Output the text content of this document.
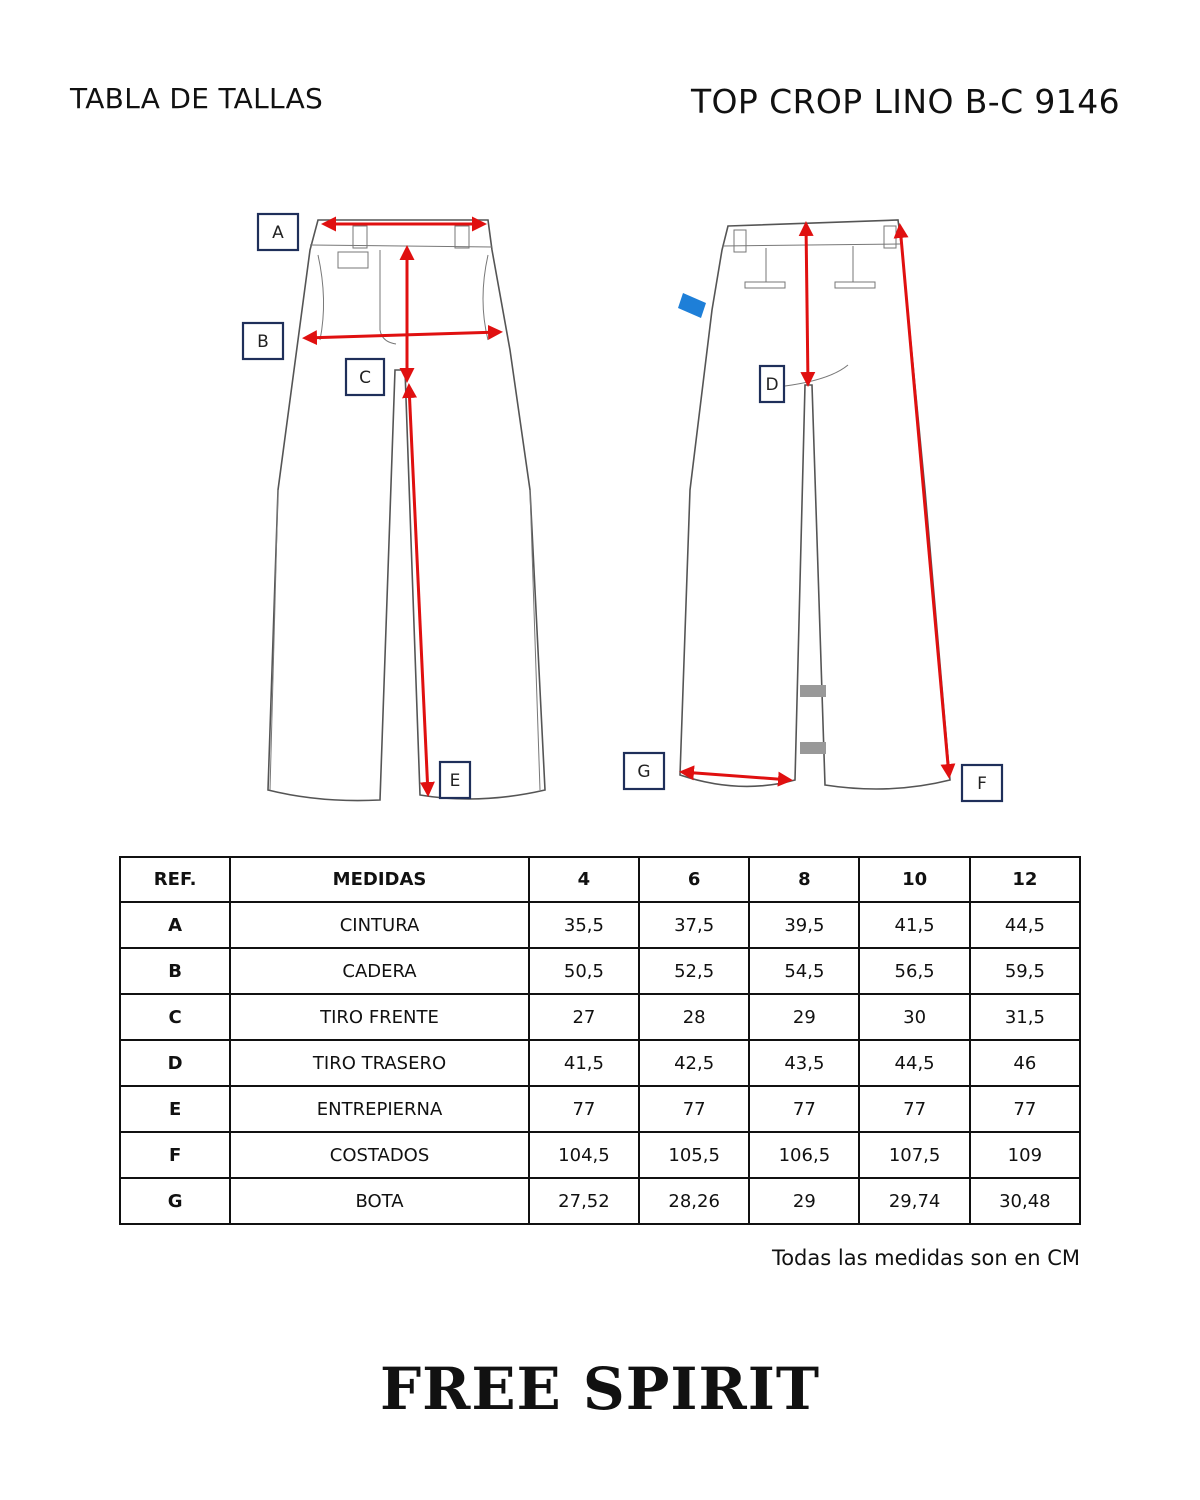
TABLA DE TALLAS	TOP CROP LINO B-C 9146
A
B
C	D
E	F
G
REF.	MEDIDAS	4	6	8	10	12
A	CINTURA	35,5	37,5	39,5	41,5	44,5
B	CADERA	50,5	52,5	54,5	56,5	59,5
C	TIRO FRENTE	27	28	29	30	31,5
D	TIRO TRASERO	41,5	42,5	43,5	44,5	46
E	ENTREPIERNA	77	77	77	77	77
F	COSTADOS	104,5	105,5	106,5	107,5	109
G	BOTA	27,52	28,26	29	29,74	30,48
Todas las medidas son en CM
FREE SPIRIT
